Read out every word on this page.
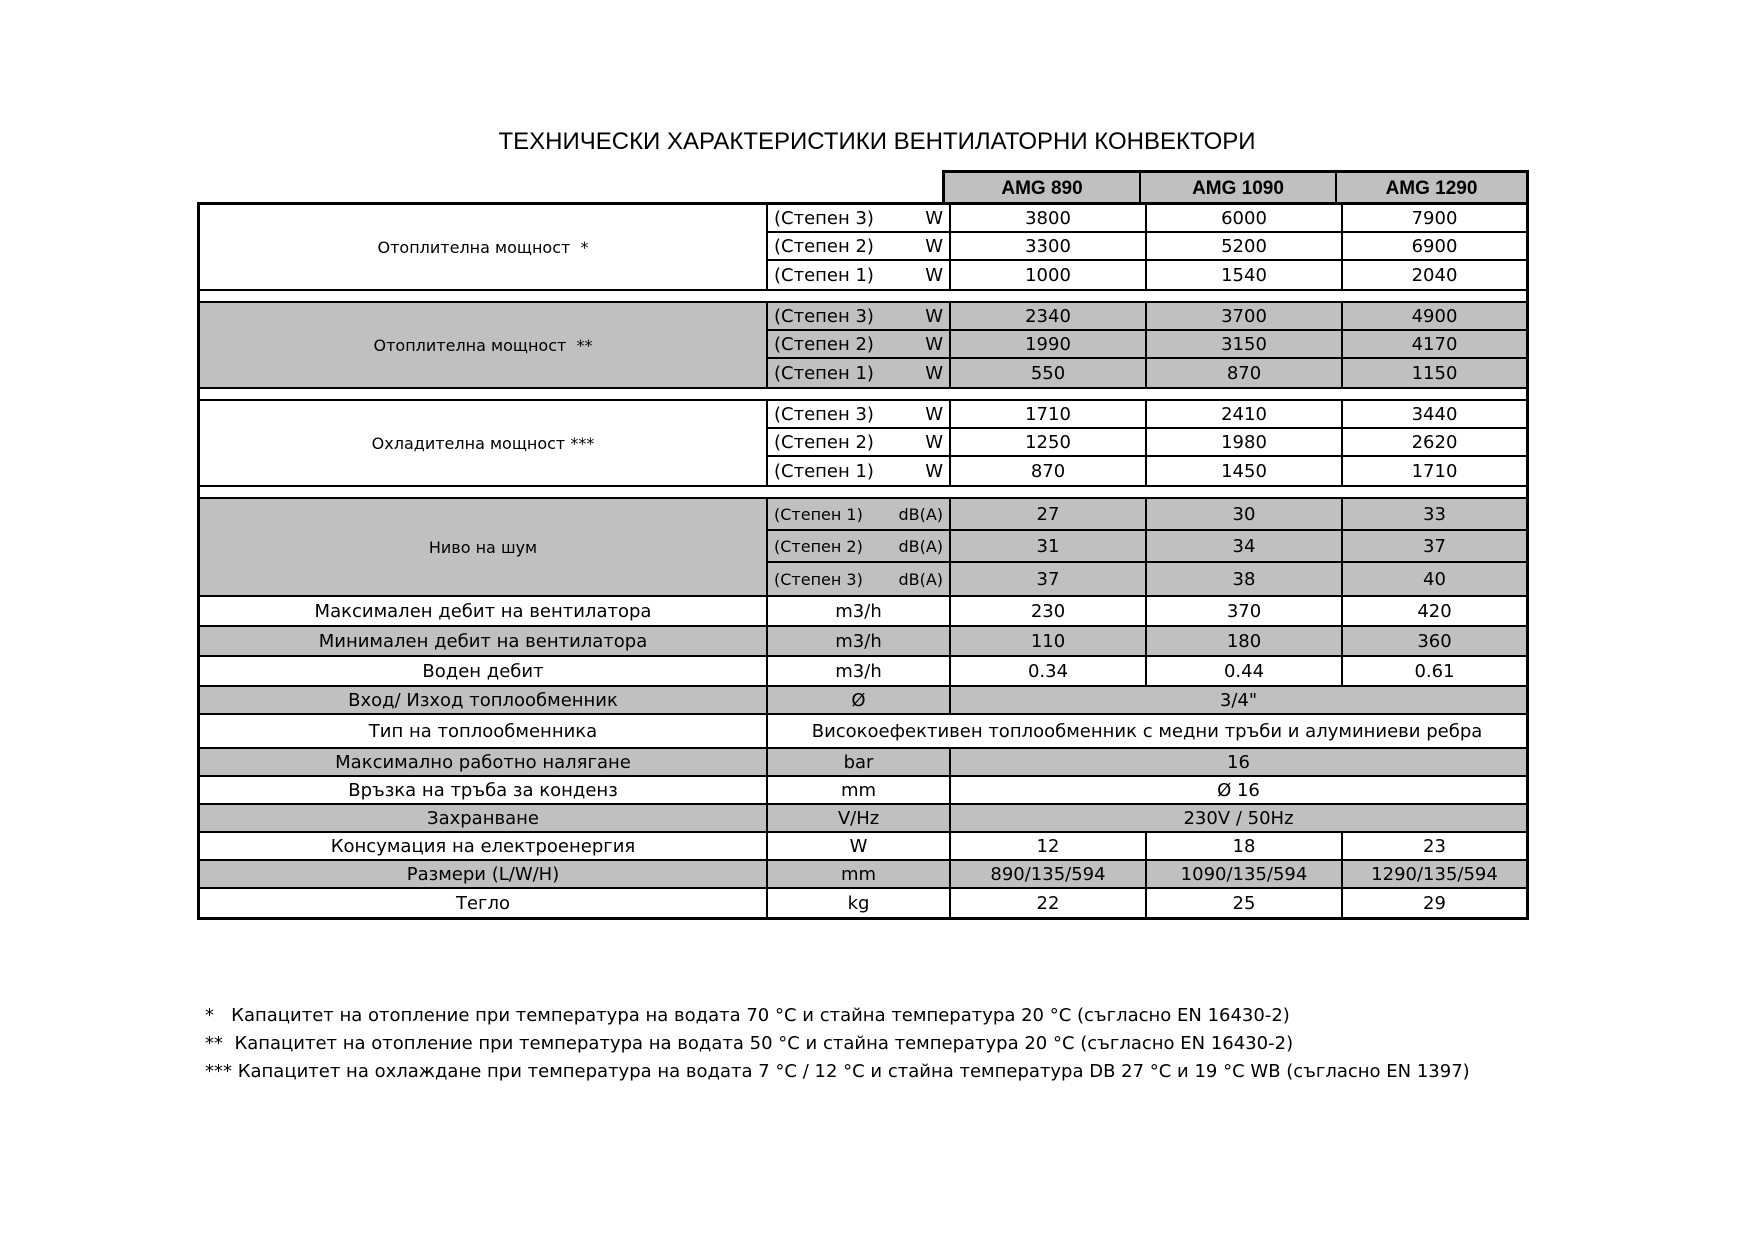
ТЕХНИЧЕСКИ ХАРАКТЕРИСТИКИ ВЕНТИЛАТОРНИ КОНВЕКТОРИ
AMG 890	AMG 1090	AMG 1290
Отоплителна мощност  *
(Степен 3)	W	3800	6000	7900
(Степен 2)	W	3300	5200	6900
(Степен 1)	W	1000	1540	2040
Отоплителна мощност  **
(Степен 3)	W	2340	3700	4900
(Степен 2)	W	1990	3150	4170
(Степен 1)	W	550	870	1150
Охладителна мощност ***
(Степен 3)	W	1710	2410	3440
(Степен 2)	W	1250	1980	2620
(Степен 1)	W	870	1450	1710
Ниво на шум
(Степен 1) dB(A)	27	30	33
(Степен 2) dB(A)	31	34	37
(Степен 3) dB(A)	37	38	40
Максимален дебит на вентилатора	m3/h	230	370	420
Минимален дебит на вентилатора	m3/h	110	180	360
Воден дебит	m3/h	0.34	0.44	0.61
Вход/ Изход топлообменник	Ø	3/4"
Тип на топлообменника	Високоефективен топлообменник с медни тръби и алуминиеви ребра
Максимално работно налягане	bar	16
Връзка на тръба за конденз	mm	Ø 16
Захранване	V/Hz	230V / 50Hz
Консумация на електроенергия	W	12	18	23
Размери (L/W/H)	mm	890/135/594	1090/135/594	1290/135/594
Тегло	kg	22	25	29
*   Капацитет на отопление при температура на водата 70 °С и стайна температура 20 °С (съгласно EN 16430-2)
**  Капацитет на отопление при температура на водата 50 °С и стайна температура 20 °С (съгласно EN 16430-2)
*** Капацитет на охлаждане при температура на водата 7 °С / 12 °С и стайна температура DB 27 °С и 19 °С WB (съгласно EN 1397)
